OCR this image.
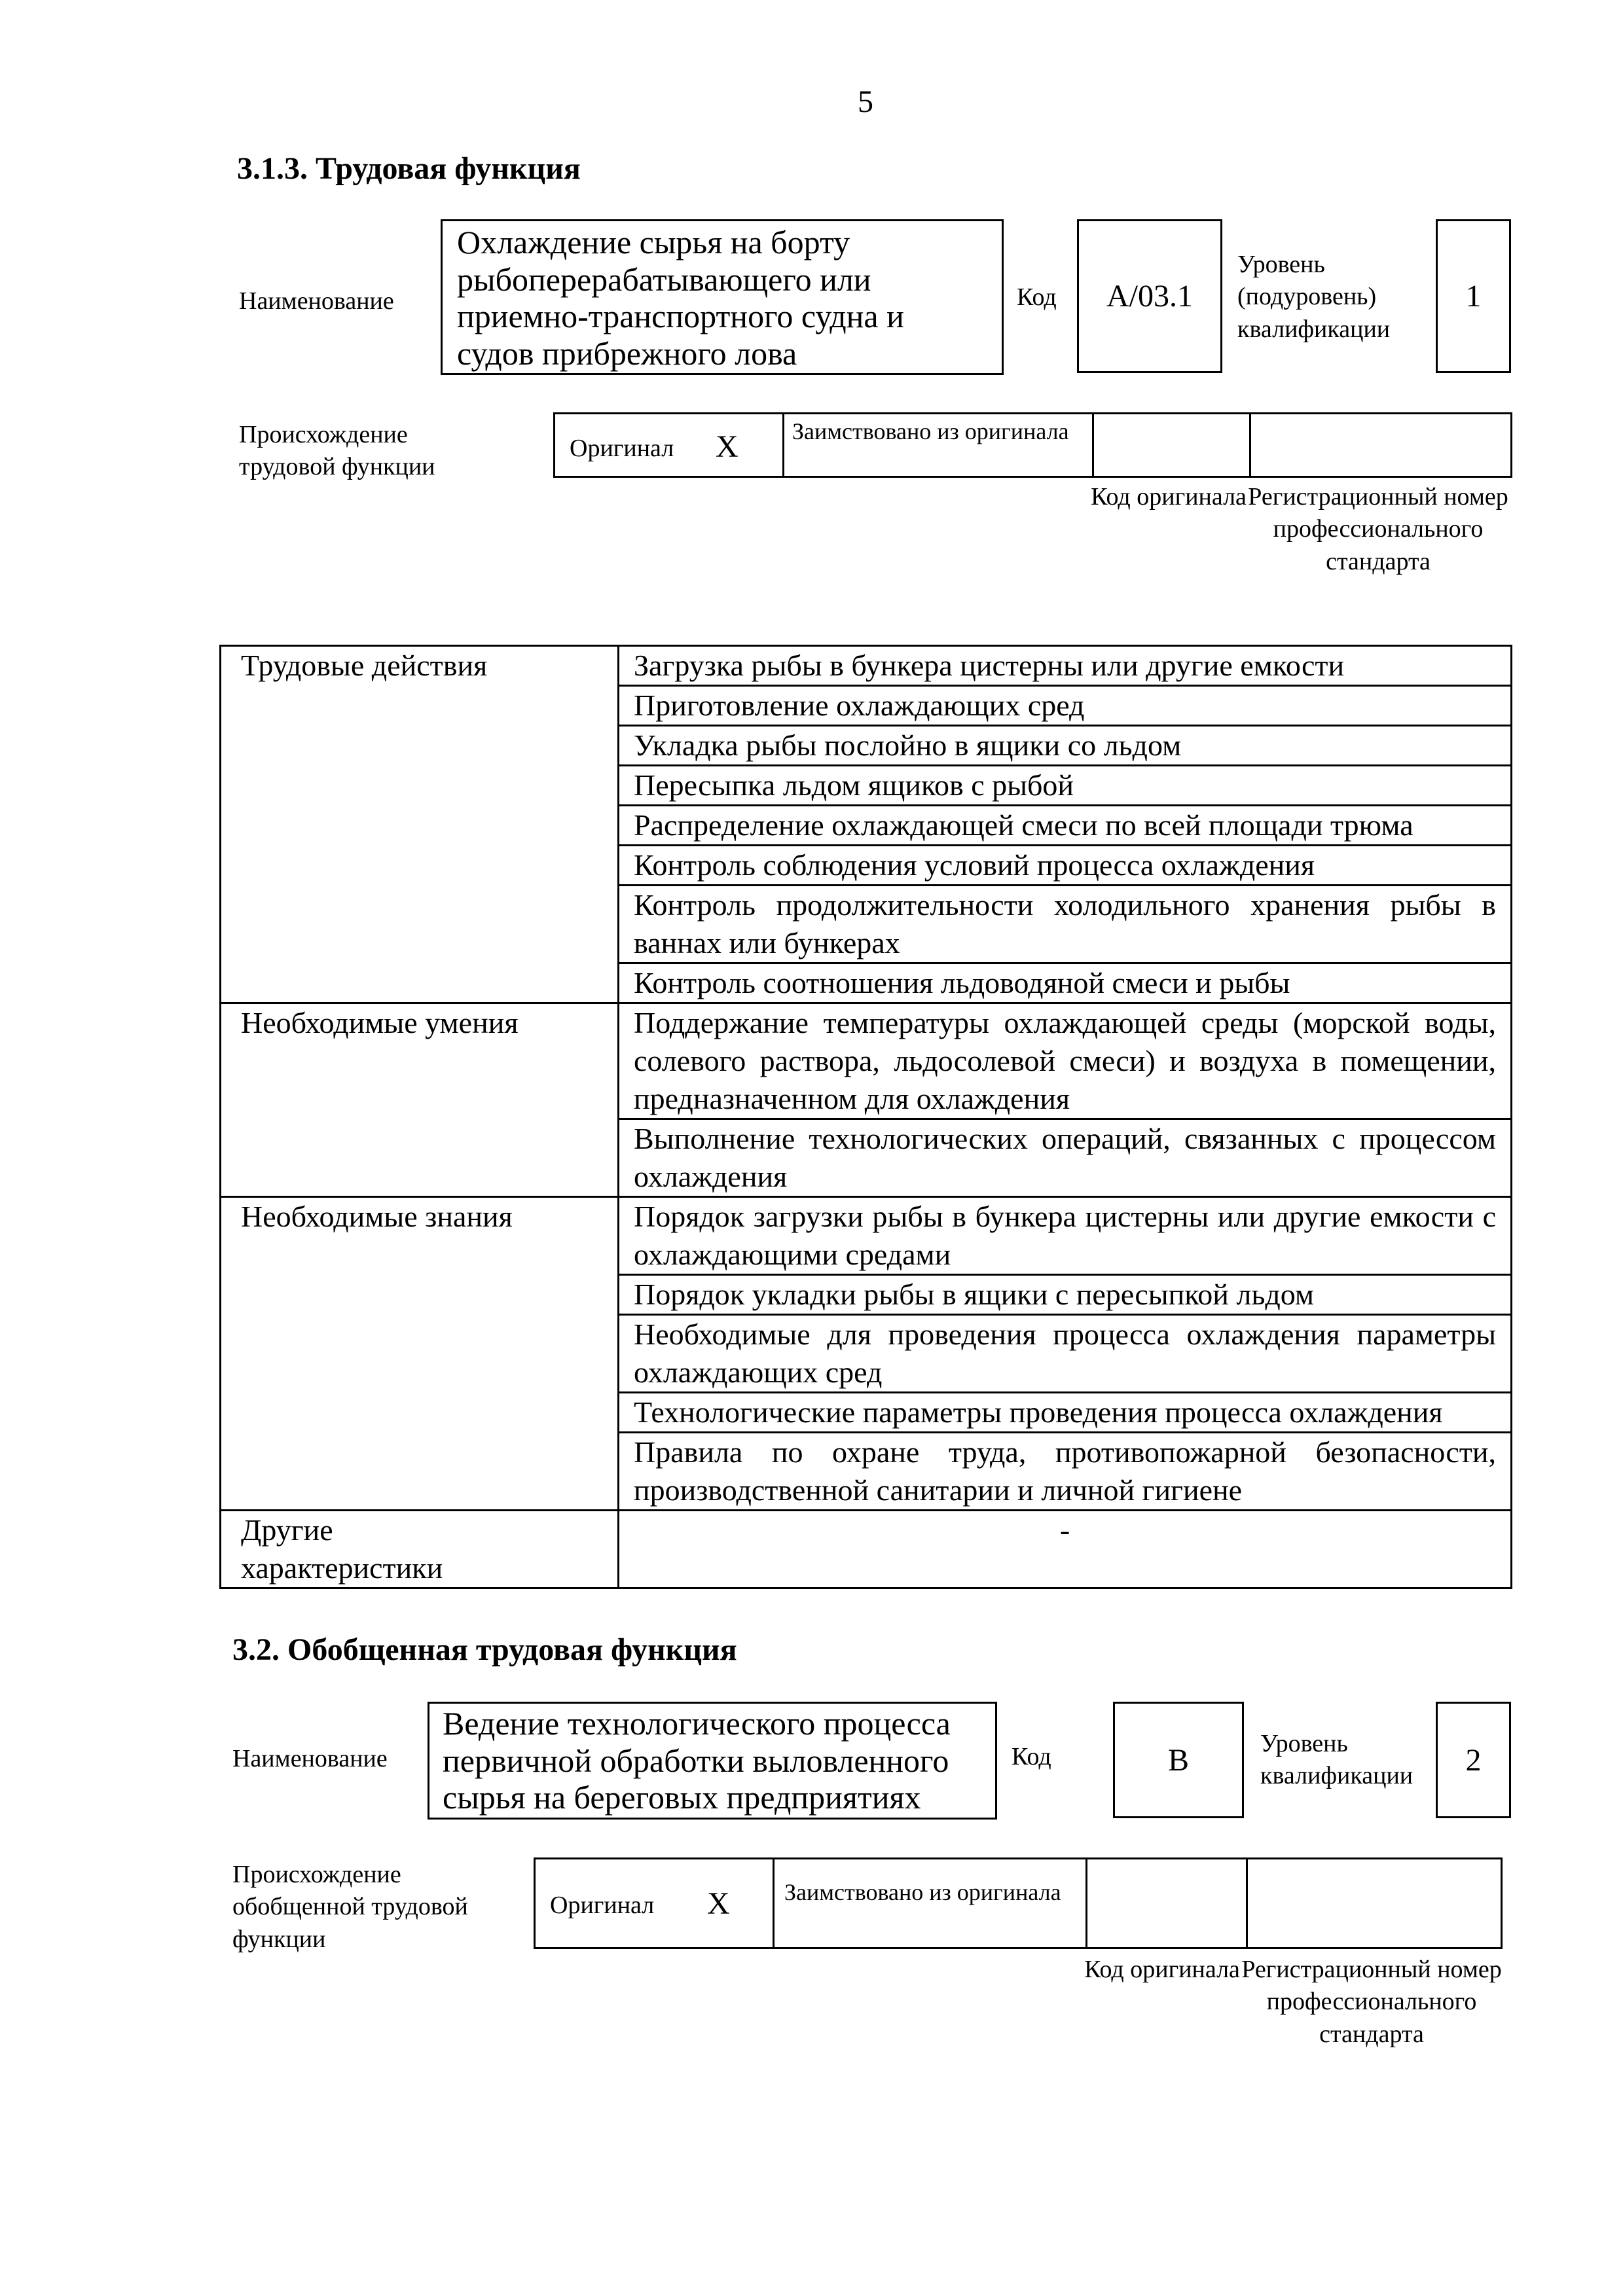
5
3.1.3. Трудовая функция
Наименование
Охлаждение сырья на борту рыбоперерабатывающего или приемно-транспортного судна и судов прибрежного лова
Код А/03.1
Уровень (подуровень) квалификации
1
Происхождение трудовой функции
Оригинал Х Заимствовано из оригинала
Код оригинала Регистрационный номер профессионального стандарта
Трудовые действия	Загрузка рыбы в бункера цистерны или другие емкости
	Приготовление охлаждающих сред
	Укладка рыбы послойно в ящики со льдом
	Пересыпка льдом ящиков с рыбой
	Распределение охлаждающей смеси по всей площади трюма
	Контроль соблюдения условий процесса охлаждения
	Контроль продолжительности холодильного хранения рыбы в ваннах или бункерах
	Контроль соотношения льдоводяной смеси и рыбы
Необходимые умения	Поддержание температуры охлаждающей среды (морской воды, солевого раствора, льдосолевой смеси) и воздуха в помещении, предназначенном для охлаждения
	Выполнение технологических операций, связанных с процессом охлаждения
Необходимые знания	Порядок загрузки рыбы в бункера цистерны или другие емкости с охлаждающими средами
	Порядок укладки рыбы в ящики с пересыпкой льдом
	Необходимые для проведения процесса охлаждения параметры охлаждающих сред
	Технологические параметры проведения процесса охлаждения
	Правила по охране труда, противопожарной безопасности, производственной санитарии и личной гигиене
Другие характеристики	-
3.2. Обобщенная трудовая функция
Наименование
Ведение технологического процесса первичной обработки выловленного сырья на береговых предприятиях
Код	В	Уровень квалификации	2
Происхождение обобщенной трудовой функции
Оригинал Х Заимствовано из оригинала
Код оригинала Регистрационный номер профессионального стандарта
